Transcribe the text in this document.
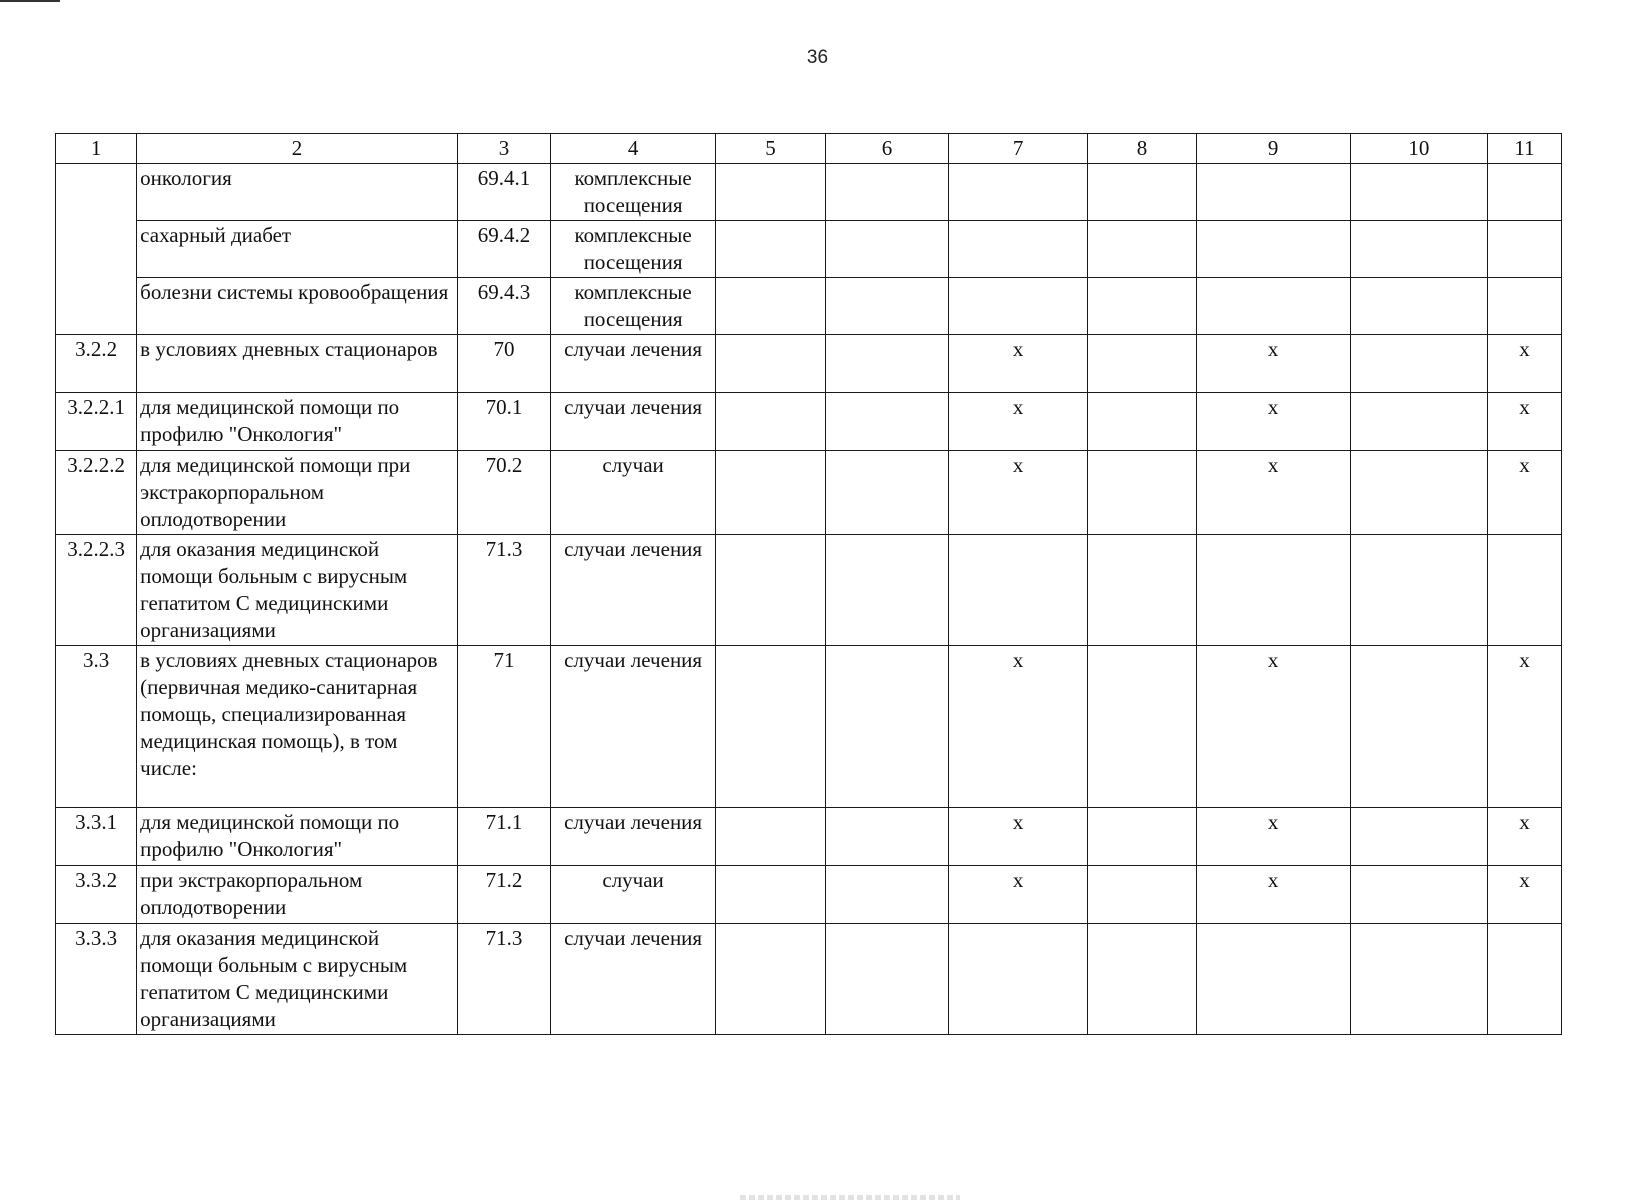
36
1	2	3	4	5	6	7	8	9	10	11
	онкология	69.4.1	комплексные посещения							
	сахарный диабет	69.4.2	комплексные посещения							
	болезни системы кровообращения	69.4.3	комплексные посещения							
3.2.2	в условиях дневных стационаров	70	случаи лечения			х		х		х
3.2.2.1	для медицинской помощи по профилю "Онкология"	70.1	случаи лечения			х		х		х
3.2.2.2	для медицинской помощи при экстракорпоральном оплодотворении	70.2	случаи			х		х		х
3.2.2.3	для оказания медицинской помощи больным с вирусным гепатитом С медицинскими организациями	71.3	случаи лечения							
3.3	в условиях дневных стационаров (первичная медико-санитарная помощь, специализированная медицинская помощь), в том числе:	71	случаи лечения			х		х		х
3.3.1	для медицинской помощи по профилю "Онкология"	71.1	случаи лечения			х		х		х
3.3.2	при экстракорпоральном оплодотворении	71.2	случаи			х		х		х
3.3.3	для оказания медицинской помощи больным с вирусным гепатитом С медицинскими организациями	71.3	случаи лечения							
